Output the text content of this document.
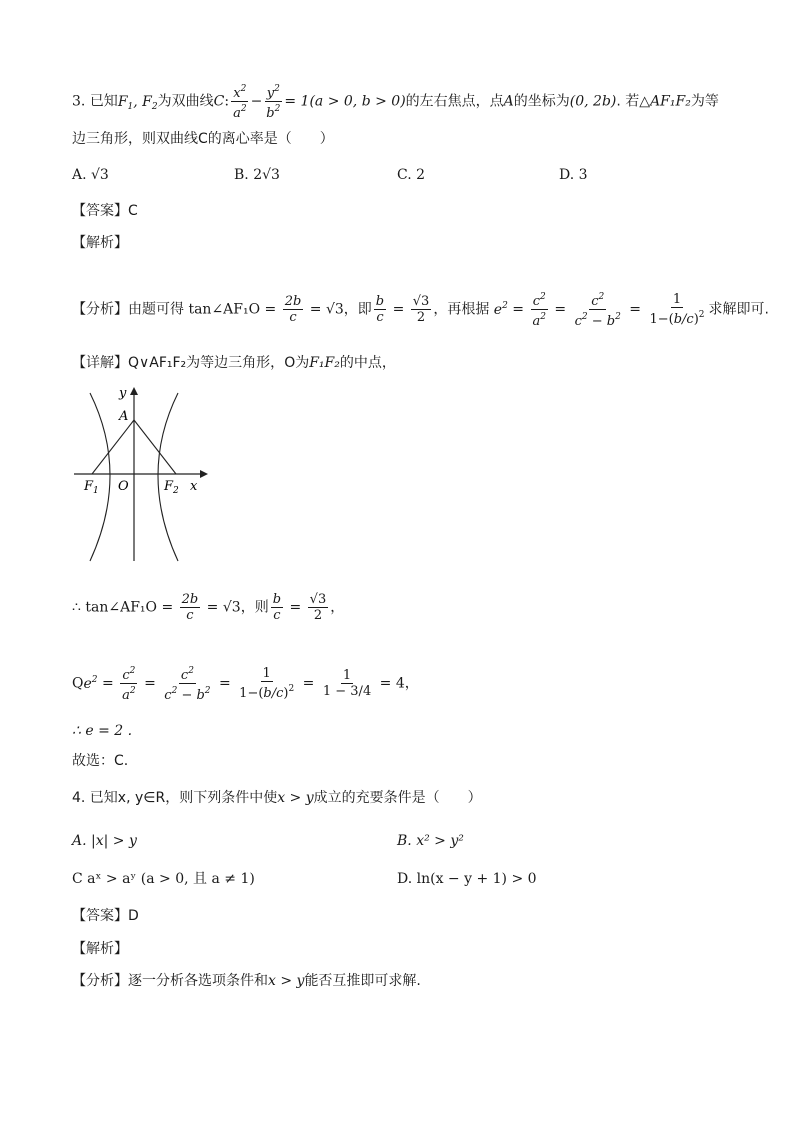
3. 已知$F_1$, $F_2$为双曲线C: $\frac{x^2}{a^2} - \frac{y^2}{b^2} = 1(a > 0$, b > 0)的左右焦点，点A的坐标为(0, 2b). 若△AF₁F₂为等
边三角形，则双曲线C的离心率是（　　）
A. √3	B. 2√3	C. 2	D. 3
【答案】C
【解析】
【分析】由题可得 tan∠AF₁O = $\frac{2b}{c} = √3$，即 $\frac{b}{c} = \frac{√3}{2}$ ，再根据 $e^2 = \frac{c^2}{a^2} = \frac{c^2}{c^2 - b^2} = \frac{1}{1-(b/c)^2}$ 求解即可.
【详解】Q∨AF₁F₂为等边三角形，O为F₁F₂的中点，
y
A
$F_1$ O	$F_2$ x
∴ tan∠AF₁O = $\frac{2b}{c} = √3$，则 $\frac{b}{c} = \frac{√3}{2}$ ，
$Qe^2 = \frac{c^2}{a^2} = \frac{c^2}{c^2 - b^2} = \frac{1}{1-(b/c)^2} = \frac{1}{1 - 3/4} = 4$，
∴ e = 2 .
故选：C.
4. 已知x, y∈R，则下列条件中使x > y成立的充要条件是（　　）
A. |x| > y	B. x² > y²
C aˣ > aʸ (a > 0, 且 a ≠ 1)	D. ln(x − y + 1) > 0
【答案】D
【解析】
【分析】逐一分析各选项条件和x > y能否互推即可求解.
